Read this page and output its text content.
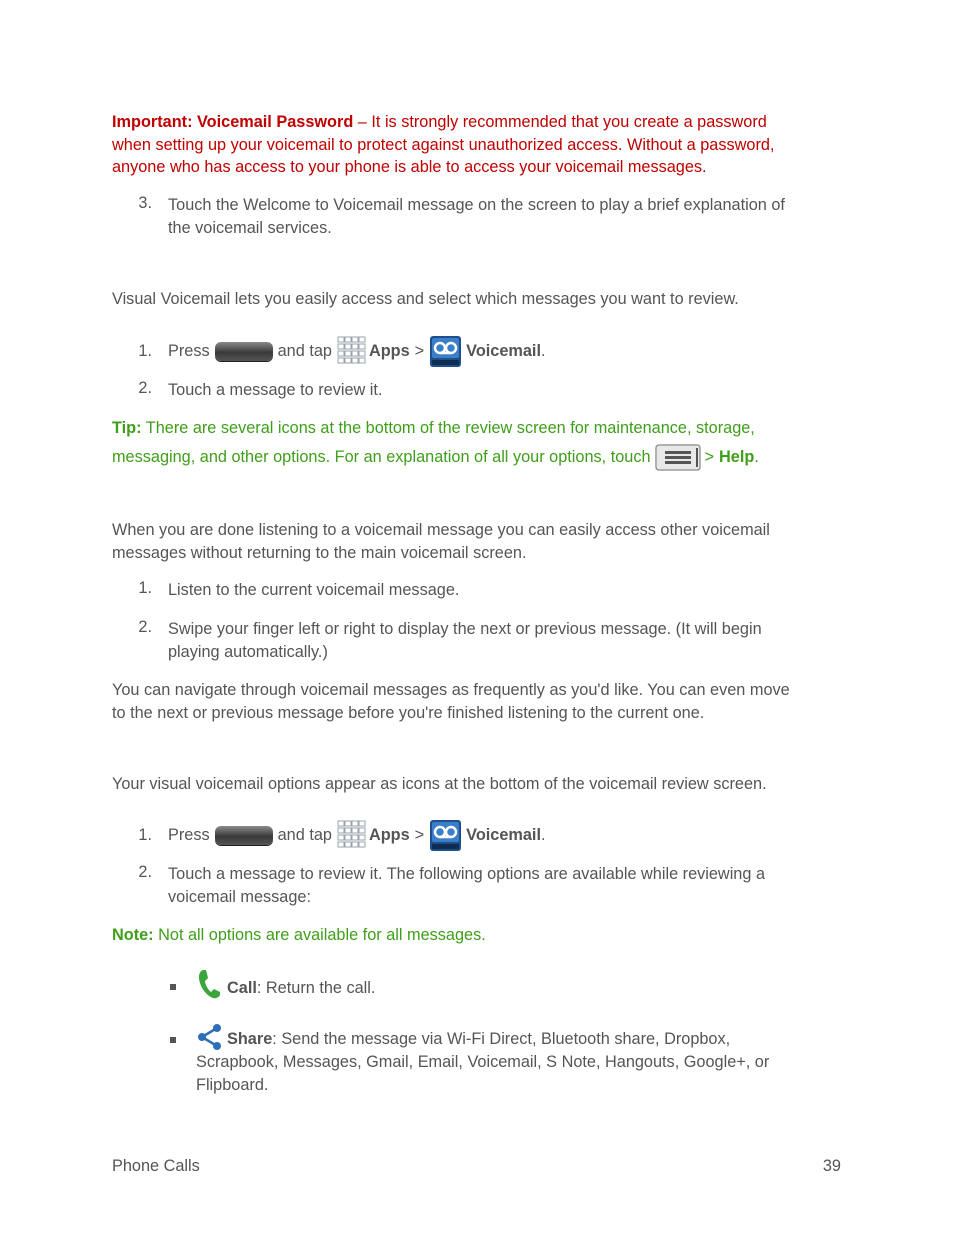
Important: Voicemail Password – It is strongly recommended that you create a password

when setting up your voicemail to protect against unauthorized access. Without a password,

anyone who has access to your phone is able to access your voicemail messages.

3. Touch the Welcome to Voicemail message on the screen to play a brief explanation of

the voicemail services.

Visual Voicemail lets you easily access and select which messages you want to review.

1. Press	and tap Apps >	Voicemail .
2. Touch a message to review it.

Tip: There are several icons at the bottom of the review screen for maintenance, storage,

messaging, and other options. For an explanation of all your options, touch	> Help .

When you are done listening to a voicemail message you can easily access other voicemail

messages without returning to the main voicemail screen.

1. Listen to the current voicemail message.

2. Swipe your finger left or right to display the next or previous message. (It will begin

playing automatically.)

You can navigate through voicemail messages as frequently as you'd like. You can even move

to the next or previous message before you're finished listening to the current one.

Your visual voicemail options appear as icons at the bottom of the voicemail review screen.

1. Press	and tap Apps >	Voicemail .
2. Touch a message to review it. The following options are available while reviewing a

voicemail message:

Note: Not all options are available for all messages.

Call: Return the call.
Share: Send the message via Wi-Fi Direct, Bluetooth share, Dropbox,

Scrapbook, Messages, Gmail, Email, Voicemail, S Note, Hangouts, Google+, or

Flipboard.

Phone Calls	39
